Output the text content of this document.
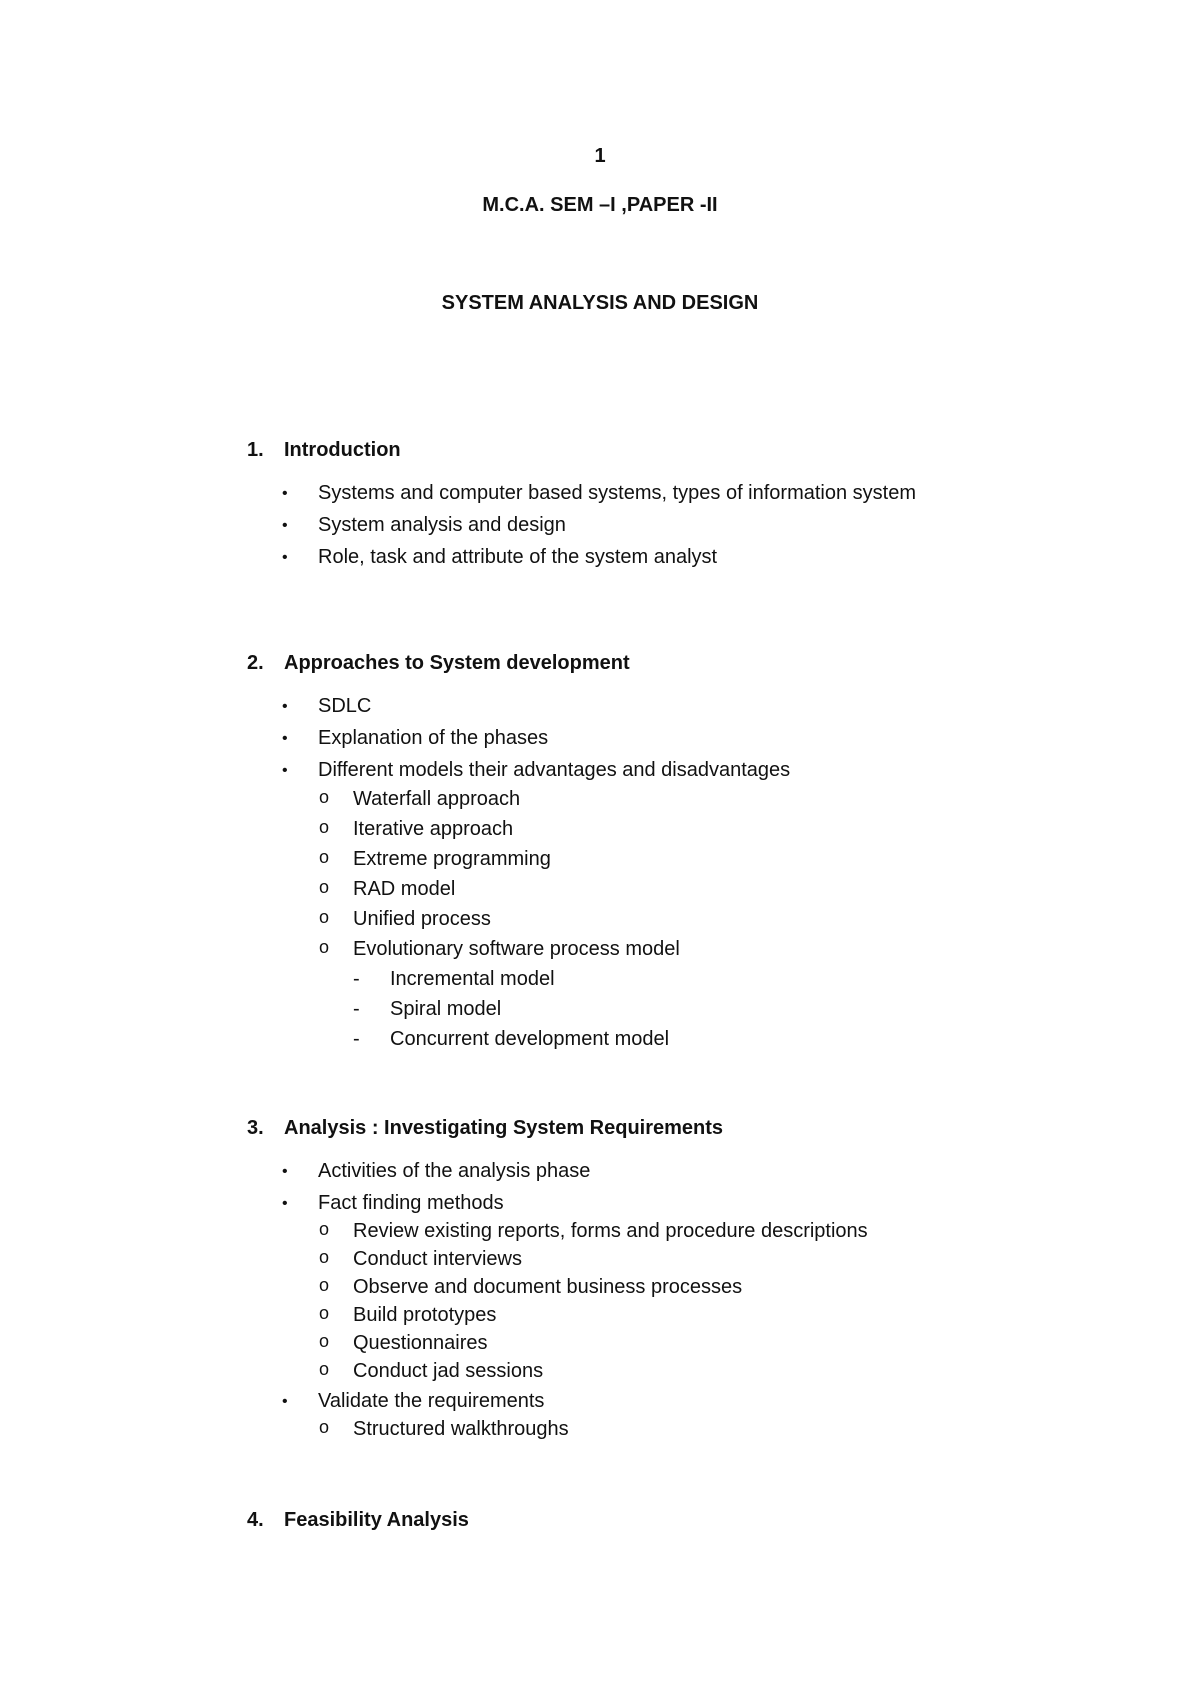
1
M.C.A. SEM –I ,PAPER -II
SYSTEM ANALYSIS AND DESIGN
1. Introduction
• Systems and computer based systems, types of information system
• System analysis and design
• Role, task and attribute of the system analyst
2. Approaches to System development
• SDLC
• Explanation of the phases
• Different models their advantages and disadvantages
o Waterfall approach
o Iterative approach
o Extreme programming
o RAD model
o Unified process
o Evolutionary software process model
- Incremental model
- Spiral model
- Concurrent development model
3. Analysis : Investigating System Requirements
• Activities of the analysis phase
• Fact finding methods
o Review existing reports, forms and procedure descriptions
o Conduct interviews
o Observe and document business processes
o Build prototypes
o Questionnaires
o Conduct jad sessions
• Validate the requirements
o Structured walkthroughs
4. Feasibility Analysis
